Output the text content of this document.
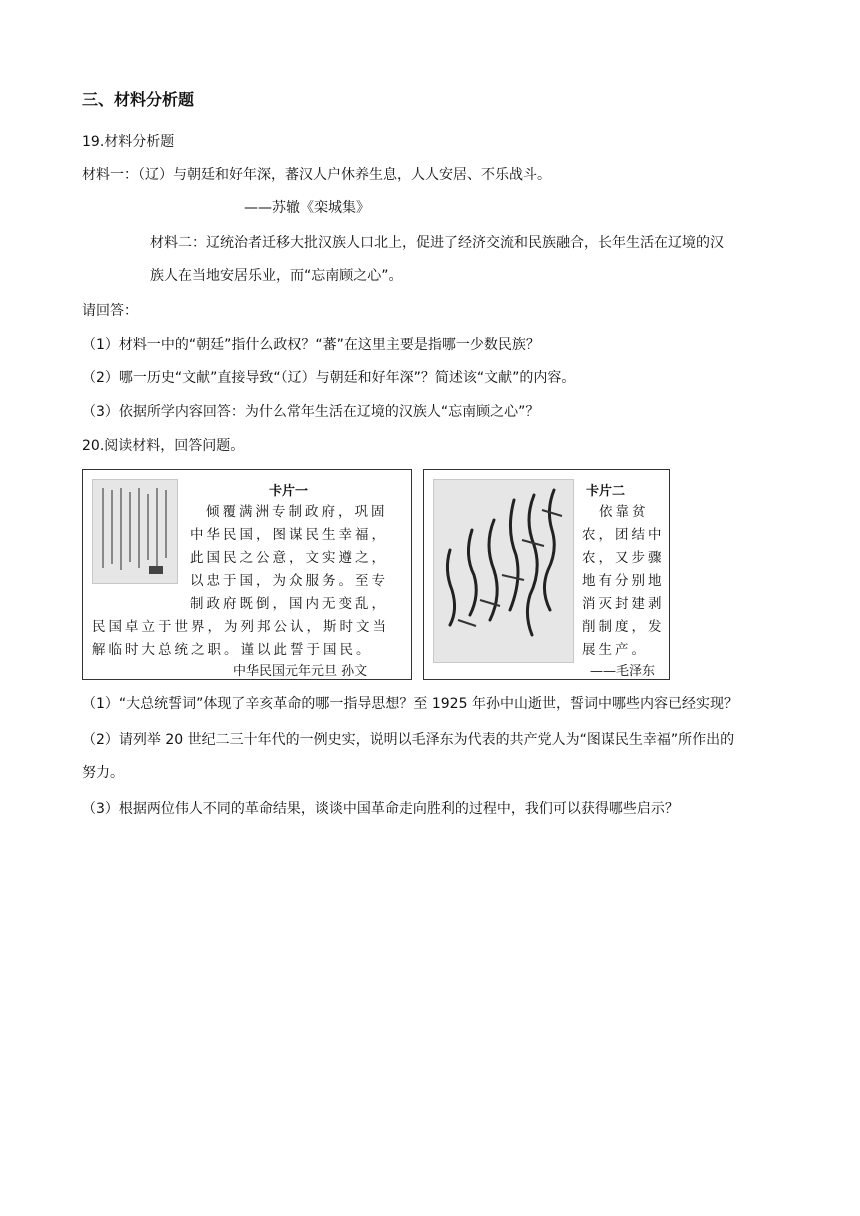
三、材料分析题
19.材料分析题
材料一：（辽）与朝廷和好年深，蕃汉人户休养生息，人人安居、不乐战斗。
——苏辙《栾城集》
材料二：辽统治者迁移大批汉族人口北上，促进了经济交流和民族融合，长年生活在辽境的汉
族人在当地安居乐业，而“忘南顾之心”。
请回答：
（1）材料一中的“朝廷”指什么政权？“蕃”在这里主要是指哪一少数民族？
（2）哪一历史“文献”直接导致“（辽）与朝廷和好年深”？简述该“文献”的内容。
（3）依据所学内容回答：为什么常年生活在辽境的汉族人“忘南顾之心”？
20.阅读材料，回答问题。
卡片一
倾覆满洲专制政府，巩固
中华民国，图谋民生幸福，
此国民之公意，文实遵之，
以忠于国，为众服务。至专
制政府既倒，国内无变乱，
民国卓立于世界，为列邦公认，斯时文当
解临时大总统之职。谨以此誓于国民。
中华民国元年元旦 孙文
卡片二
依靠贫
农，团结中
农，又步骤
地有分别地
消灭封建剥
削制度，发
展生产。
——毛泽东
（1）“大总统誓词”体现了辛亥革命的哪一指导思想？至 1925 年孙中山逝世，誓词中哪些内容已经实现？
（2）请列举 20 世纪二三十年代的一例史实，说明以毛泽东为代表的共产党人为“图谋民生幸福”所作出的
努力。
（3）根据两位伟人不同的革命结果，谈谈中国革命走向胜利的过程中，我们可以获得哪些启示？
